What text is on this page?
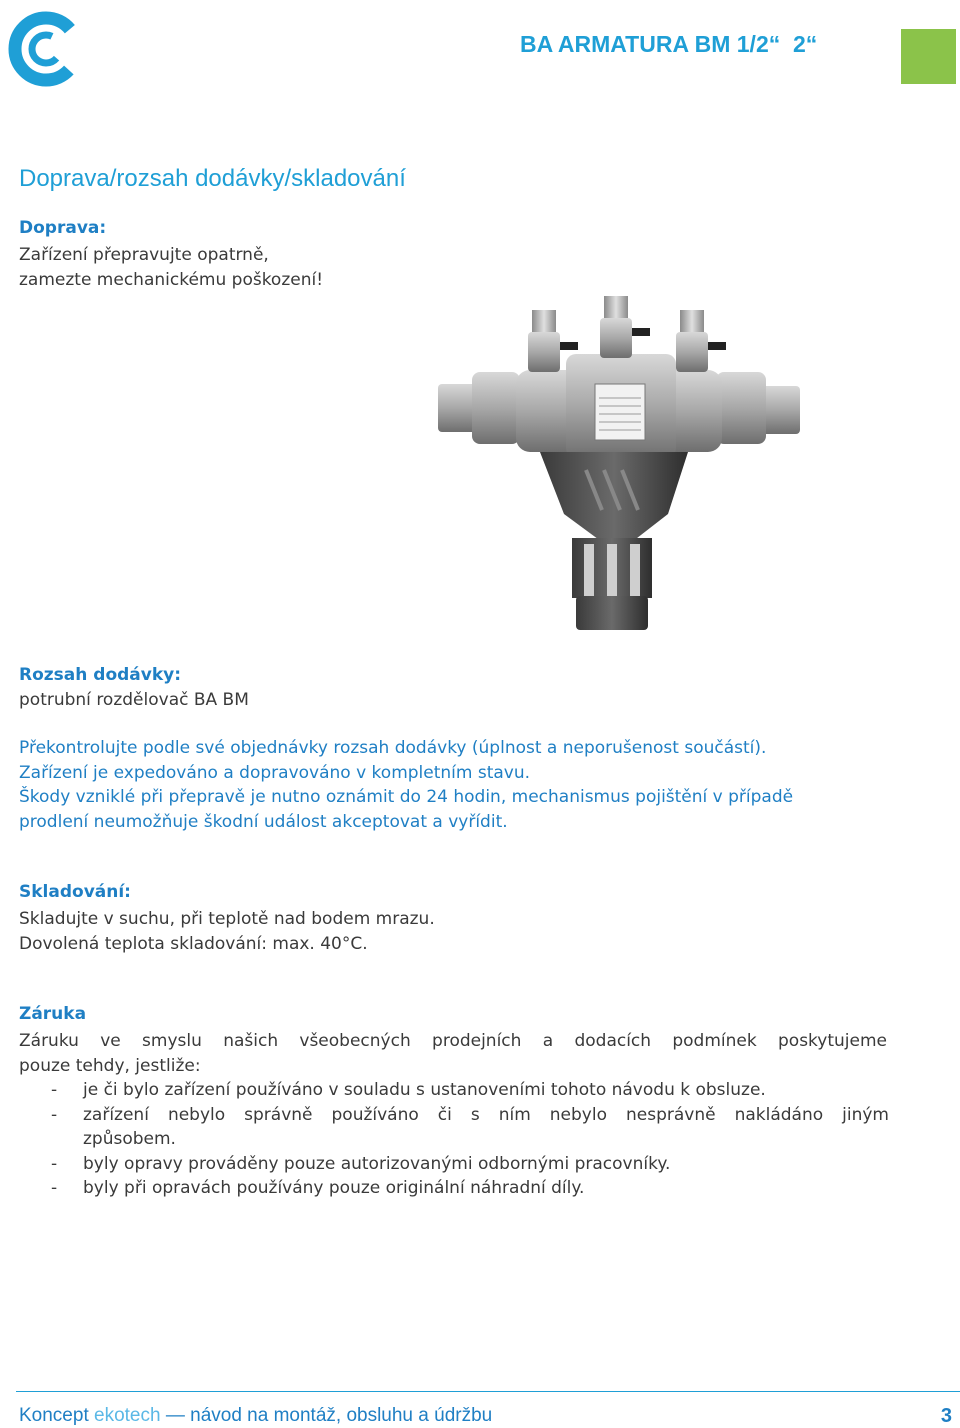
BA ARMATURA BM 1/2“  2“
Doprava/rozsah dodávky/skladování
Doprava:

Zařízení přepravujte opatrně,

zamezte mechanickému poškození!

Rozsah dodávky:
potrubní rozdělovač BA BM

Překontrolujte podle své objednávky rozsah dodávky (úplnost a neporušenost součástí).

Zařízení je expedováno a dopravováno v kompletním stavu.

Škody vzniklé při přepravě je nutno oznámit do 24 hodin, mechanismus pojištění v případě

prodlení neumožňuje škodní událost akceptovat a vyřídit.

Skladování:

Skladujte v suchu, při teplotě nad bodem mrazu.

Dovolená teplota skladování: max. 40°C.

Záruka

Záruku ve smyslu našich všeobecných prodejních a dodacích podmínek poskytujeme

pouze tehdy, jestliže:

-	je či bylo zařízení používáno v souladu s ustanoveními tohoto návodu k obsluze.
-	zařízení nebylo správně používáno či s ním nebylo nesprávně nakládáno jiným
způsobem.
-	byly opravy prováděny pouze autorizovanými odbornými pracovníky.
-	byly při opravách používány pouze originální náhradní díly.
Koncept ekotech — návod na montáž, obsluhu a údržbu	3
